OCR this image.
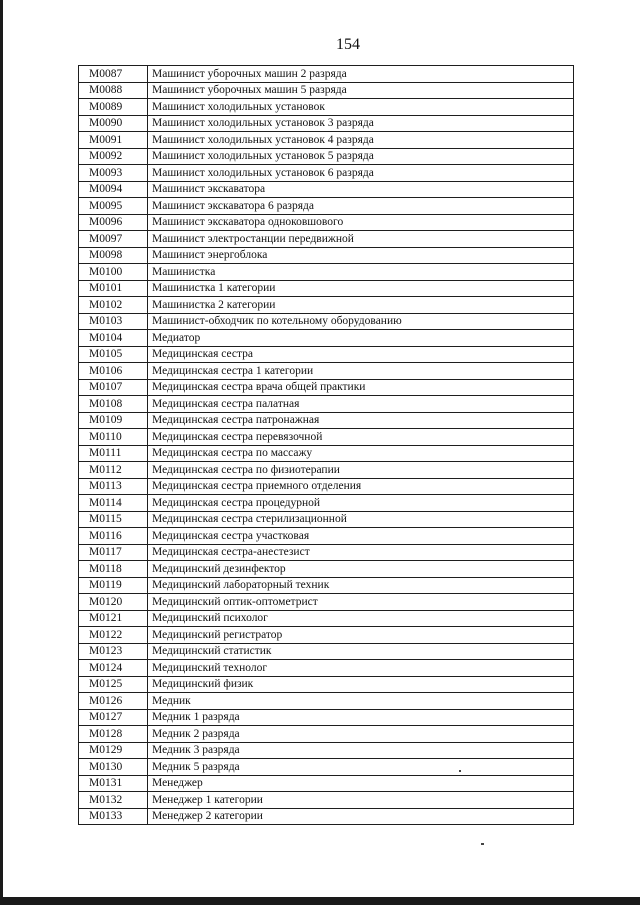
154
М0087	Машинист уборочных машин 2 разряда
М0088	Машинист уборочных машин 5 разряда
М0089	Машинист холодильных установок
М0090	Машинист холодильных установок 3 разряда
М0091	Машинист холодильных установок 4 разряда
М0092	Машинист холодильных установок 5 разряда
М0093	Машинист холодильных установок 6 разряда
М0094	Машинист экскаватора
М0095	Машинист экскаватора 6 разряда
М0096	Машинист экскаватора одноковшового
М0097	Машинист электростанции передвижной
М0098	Машинист энергоблока
М0100	Машинистка
М0101	Машинистка 1 категории
М0102	Машинистка 2 категории
М0103	Машинист-обходчик по котельному оборудованию
М0104	Медиатор
М0105	Медицинская сестра
М0106	Медицинская сестра 1 категории
М0107	Медицинская сестра врача общей практики
М0108	Медицинская сестра палатная
М0109	Медицинская сестра патронажная
М0110	Медицинская сестра перевязочной
М0111	Медицинская сестра по массажу
М0112	Медицинская сестра по физиотерапии
М0113	Медицинская сестра приемного отделения
М0114	Медицинская сестра процедурной
М0115	Медицинская сестра стерилизационной
М0116	Медицинская сестра участковая
М0117	Медицинская сестра-анестезист
М0118	Медицинский дезинфектор
М0119	Медицинский лабораторный техник
М0120	Медицинский оптик-оптометрист
М0121	Медицинский психолог
М0122	Медицинский регистратор
М0123	Медицинский статистик
М0124	Медицинский технолог
М0125	Медицинский физик
М0126	Медник
М0127	Медник 1 разряда
М0128	Медник 2 разряда
М0129	Медник 3 разряда
М0130	Медник 5 разряда
М0131	Менеджер
М0132	Менеджер 1 категории
М0133	Менеджер 2 категории
